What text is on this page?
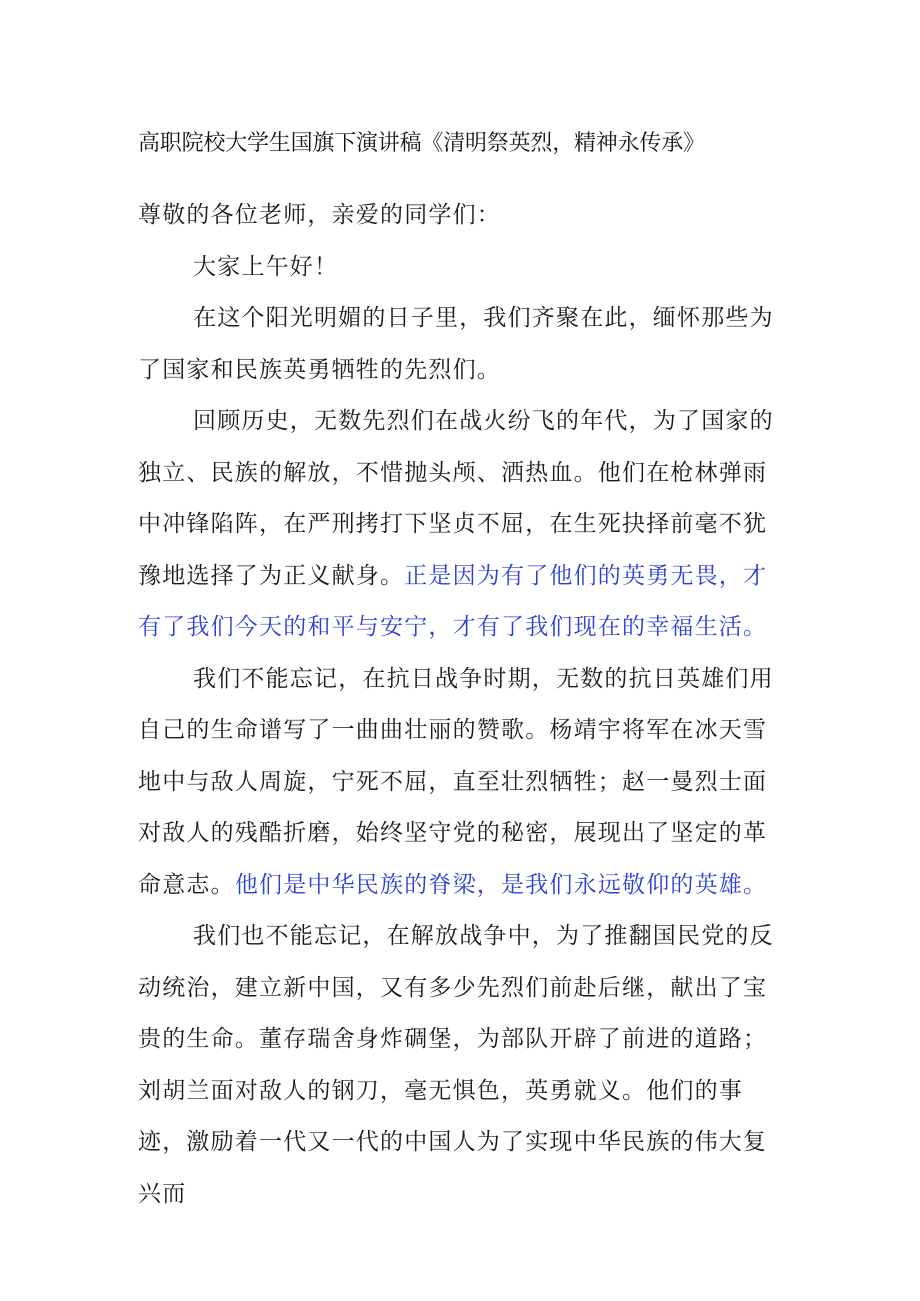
高职院校大学生国旗下演讲稿《清明祭英烈，精神永传承》

尊敬的各位老师，亲爱的同学们：

大家上午好！

在这个阳光明媚的日子里，我们齐聚在此，缅怀那些为了国家和民族英勇牺牲的先烈们。

回顾历史，无数先烈们在战火纷飞的年代，为了国家的独立、民族的解放，不惜抛头颅、洒热血。他们在枪林弹雨中冲锋陷阵，在严刑拷打下坚贞不屈，在生死抉择前毫不犹豫地选择了为正义献身。正是因为有了他们的英勇无畏，才有了我们今天的和平与安宁，才有了我们现在的幸福生活。

我们不能忘记，在抗日战争时期，无数的抗日英雄们用自己的生命谱写了一曲曲壮丽的赞歌。杨靖宇将军在冰天雪地中与敌人周旋，宁死不屈，直至壮烈牺牲；赵一曼烈士面对敌人的残酷折磨，始终坚守党的秘密，展现出了坚定的革命意志。他们是中华民族的脊梁，是我们永远敬仰的英雄。

我们也不能忘记，在解放战争中，为了推翻国民党的反动统治，建立新中国，又有多少先烈们前赴后继，献出了宝贵的生命。董存瑞舍身炸碉堡，为部队开辟了前进的道路；刘胡兰面对敌人的钢刀，毫无惧色，英勇就义。他们的事迹，激励着一代又一代的中国人为了实现中华民族的伟大复兴而
